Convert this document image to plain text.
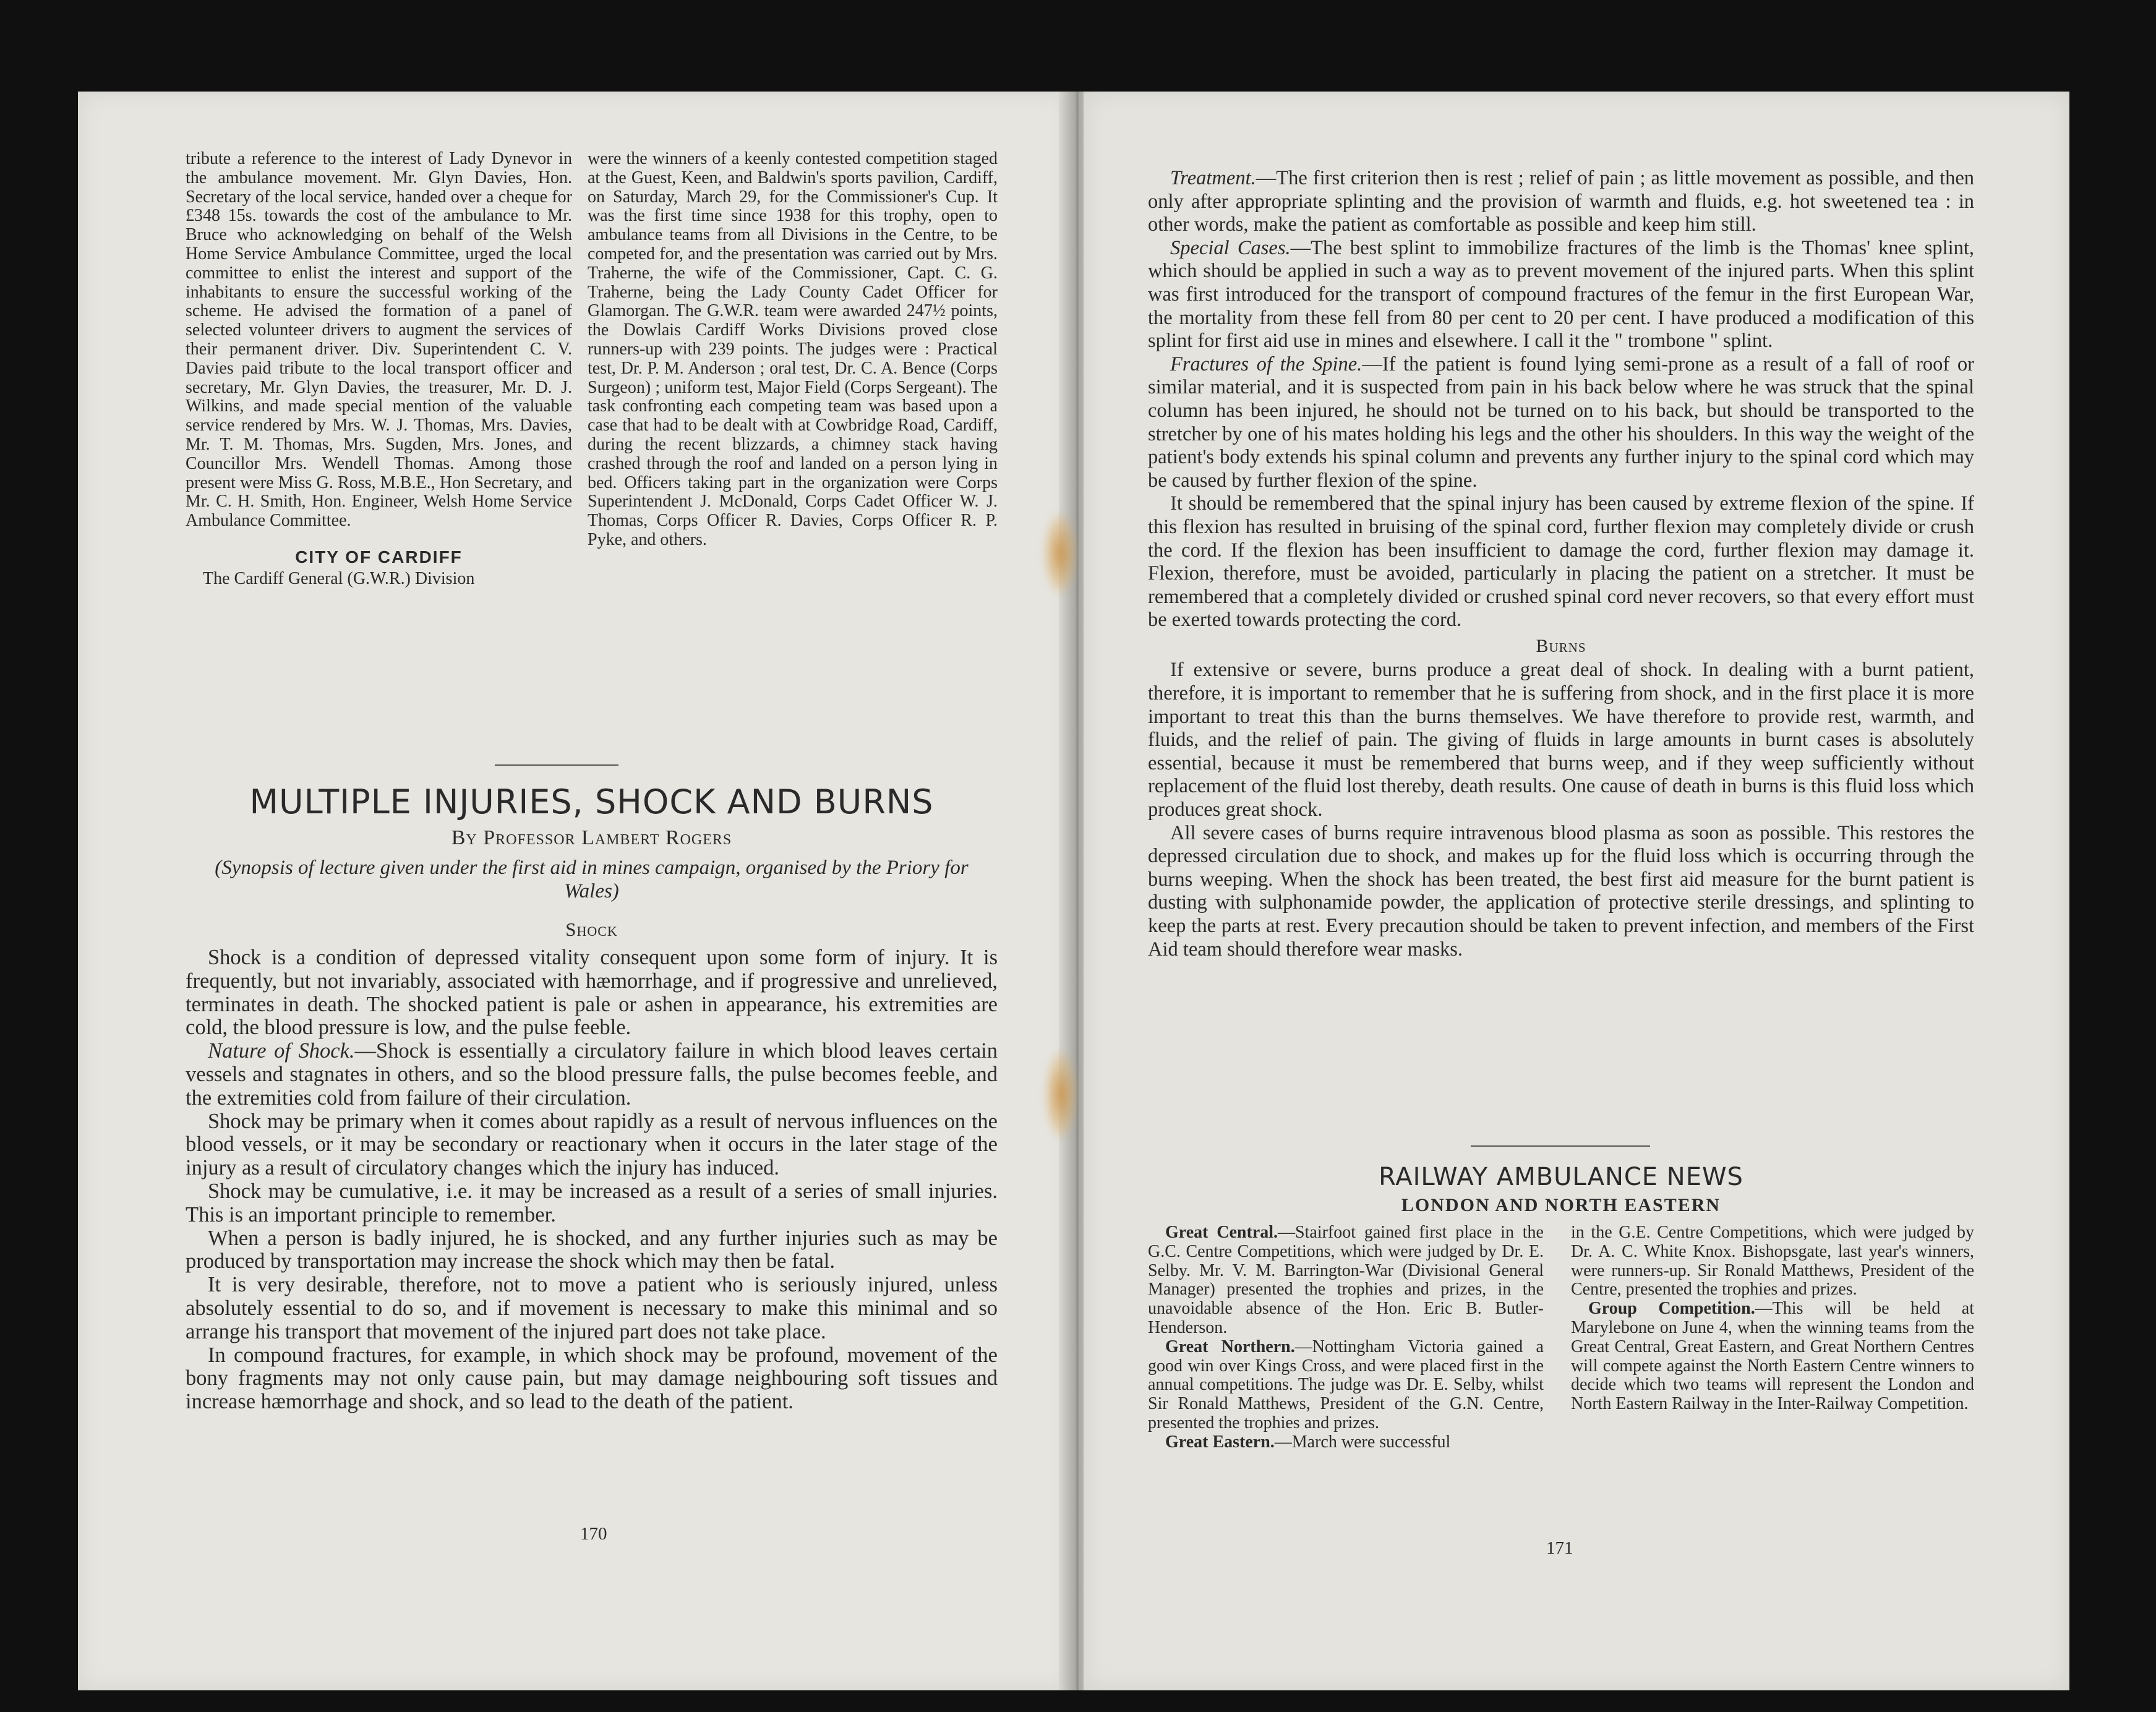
tribute a reference to the interest of Lady Dynevor in the ambulance movement. Mr. Glyn Davies, Hon. Secretary of the local service, handed over a cheque for £348 15s. towards the cost of the ambulance to Mr. Bruce who acknowledging on behalf of the Welsh Home Service Ambulance Committee, urged the local committee to enlist the interest and support of the inhabitants to ensure the successful working of the scheme. He advised the formation of a panel of selected volunteer drivers to augment the services of their permanent driver. Div. Superintendent C. V. Davies paid tribute to the local transport officer and secretary, Mr. Glyn Davies, the treasurer, Mr. D. J. Wilkins, and made special mention of the valuable service rendered by Mrs. W. J. Thomas, Mrs. Davies, Mr. T. M. Thomas, Mrs. Sugden, Mrs. Jones, and Councillor Mrs. Wendell Thomas. Among those present were Miss G. Ross, M.B.E., Hon Secretary, and Mr. C. H. Smith, Hon. Engineer, Welsh Home Service Ambulance Committee.

CITY OF CARDIFF

The Cardiff General (G.W.R.) Division

were the winners of a keenly contested competition staged at the Guest, Keen, and Baldwin's sports pavilion, Cardiff, on Saturday, March 29, for the Commissioner's Cup. It was the first time since 1938 for this trophy, open to ambulance teams from all Divisions in the Centre, to be competed for, and the presentation was carried out by Mrs. Traherne, the wife of the Commissioner, Capt. C. G. Traherne, being the Lady County Cadet Officer for Glamorgan. The G.W.R. team were awarded 247½ points, the Dowlais Cardiff Works Divisions proved close runners-up with 239 points. The judges were : Practical test, Dr. P. M. Anderson ; oral test, Dr. C. A. Bence (Corps Surgeon) ; uniform test, Major Field (Corps Sergeant). The task confronting each competing team was based upon a case that had to be dealt with at Cowbridge Road, Cardiff, during the recent blizzards, a chimney stack having crashed through the roof and landed on a person lying in bed. Officers taking part in the organization were Corps Superintendent J. McDonald, Corps Cadet Officer W. J. Thomas, Corps Officer R. Davies, Corps Officer R. P. Pyke, and others.

MULTIPLE INJURIES, SHOCK AND BURNS
By Professor Lambert Rogers
(Synopsis of lecture given under the first aid in mines campaign, organised by the Priory for Wales)
Shock

Shock is a condition of depressed vitality consequent upon some form of injury. It is frequently, but not invariably, associated with hæmorrhage, and if progressive and unrelieved, terminates in death. The shocked patient is pale or ashen in appearance, his extremities are cold, the blood pressure is low, and the pulse feeble.

Nature of Shock.—Shock is essentially a circulatory failure in which blood leaves certain vessels and stagnates in others, and so the blood pressure falls, the pulse becomes feeble, and the extremities cold from failure of their circulation.

Shock may be primary when it comes about rapidly as a result of nervous influences on the blood vessels, or it may be secondary or reactionary when it occurs in the later stage of the injury as a result of circulatory changes which the injury has induced.

Shock may be cumulative, i.e. it may be increased as a result of a series of small injuries. This is an important principle to remember.

When a person is badly injured, he is shocked, and any further injuries such as may be produced by transportation may increase the shock which may then be fatal.

It is very desirable, therefore, not to move a patient who is seriously injured, unless absolutely essential to do so, and if movement is necessary to make this minimal and so arrange his transport that movement of the injured part does not take place.

In compound fractures, for example, in which shock may be profound, movement of the bony fragments may not only cause pain, but may damage neighbouring soft tissues and increase hæmorrhage and shock, and so lead to the death of the patient.

170

Treatment.—The first criterion then is rest ; relief of pain ; as little movement as possible, and then only after appropriate splinting and the provision of warmth and fluids, e.g. hot sweetened tea : in other words, make the patient as comfortable as possible and keep him still.

Special Cases.—The best splint to immobilize fractures of the limb is the Thomas' knee splint, which should be applied in such a way as to prevent movement of the injured parts. When this splint was first introduced for the transport of compound fractures of the femur in the first European War, the mortality from these fell from 80 per cent to 20 per cent. I have produced a modification of this splint for first aid use in mines and elsewhere. I call it the " trombone " splint.

Fractures of the Spine.—If the patient is found lying semi-prone as a result of a fall of roof or similar material, and it is suspected from pain in his back below where he was struck that the spinal column has been injured, he should not be turned on to his back, but should be transported to the stretcher by one of his mates holding his legs and the other his shoulders. In this way the weight of the patient's body extends his spinal column and prevents any further injury to the spinal cord which may be caused by further flexion of the spine.

It should be remembered that the spinal injury has been caused by extreme flexion of the spine. If this flexion has resulted in bruising of the spinal cord, further flexion may completely divide or crush the cord. If the flexion has been insufficient to damage the cord, further flexion may damage it. Flexion, therefore, must be avoided, particularly in placing the patient on a stretcher. It must be remembered that a completely divided or crushed spinal cord never recovers, so that every effort must be exerted towards protecting the cord.

Burns

If extensive or severe, burns produce a great deal of shock. In dealing with a burnt patient, therefore, it is important to remember that he is suffering from shock, and in the first place it is more important to treat this than the burns themselves. We have therefore to provide rest, warmth, and fluids, and the relief of pain. The giving of fluids in large amounts in burnt cases is absolutely essential, because it must be remembered that burns weep, and if they weep sufficiently without replacement of the fluid lost thereby, death results. One cause of death in burns is this fluid loss which produces great shock.

All severe cases of burns require intravenous blood plasma as soon as possible. This restores the depressed circulation due to shock, and makes up for the fluid loss which is occurring through the burns weeping. When the shock has been treated, the best first aid measure for the burnt patient is dusting with sulphonamide powder, the application of protective sterile dressings, and splinting to keep the parts at rest. Every precaution should be taken to prevent infection, and members of the First Aid team should therefore wear masks.

RAILWAY AMBULANCE NEWS
LONDON AND NORTH EASTERN

Great Central.—Stairfoot gained first place in the G.C. Centre Competitions, which were judged by Dr. E. Selby. Mr. V. M. Barrington-War (Divisional General Manager) presented the trophies and prizes, in the unavoidable absence of the Hon. Eric B. Butler-Henderson.

Great Northern.—Nottingham Victoria gained a good win over Kings Cross, and were placed first in the annual competitions. The judge was Dr. E. Selby, whilst Sir Ronald Matthews, President of the G.N. Centre, presented the trophies and prizes.

Great Eastern.—March were successful

in the G.E. Centre Competitions, which were judged by Dr. A. C. White Knox. Bishopsgate, last year's winners, were runners-up. Sir Ronald Matthews, President of the Centre, presented the trophies and prizes.

Group Competition.—This will be held at Marylebone on June 4, when the winning teams from the Great Central, Great Eastern, and Great Northern Centres will compete against the North Eastern Centre winners to decide which two teams will represent the London and North Eastern Railway in the Inter-Railway Competition.

171
